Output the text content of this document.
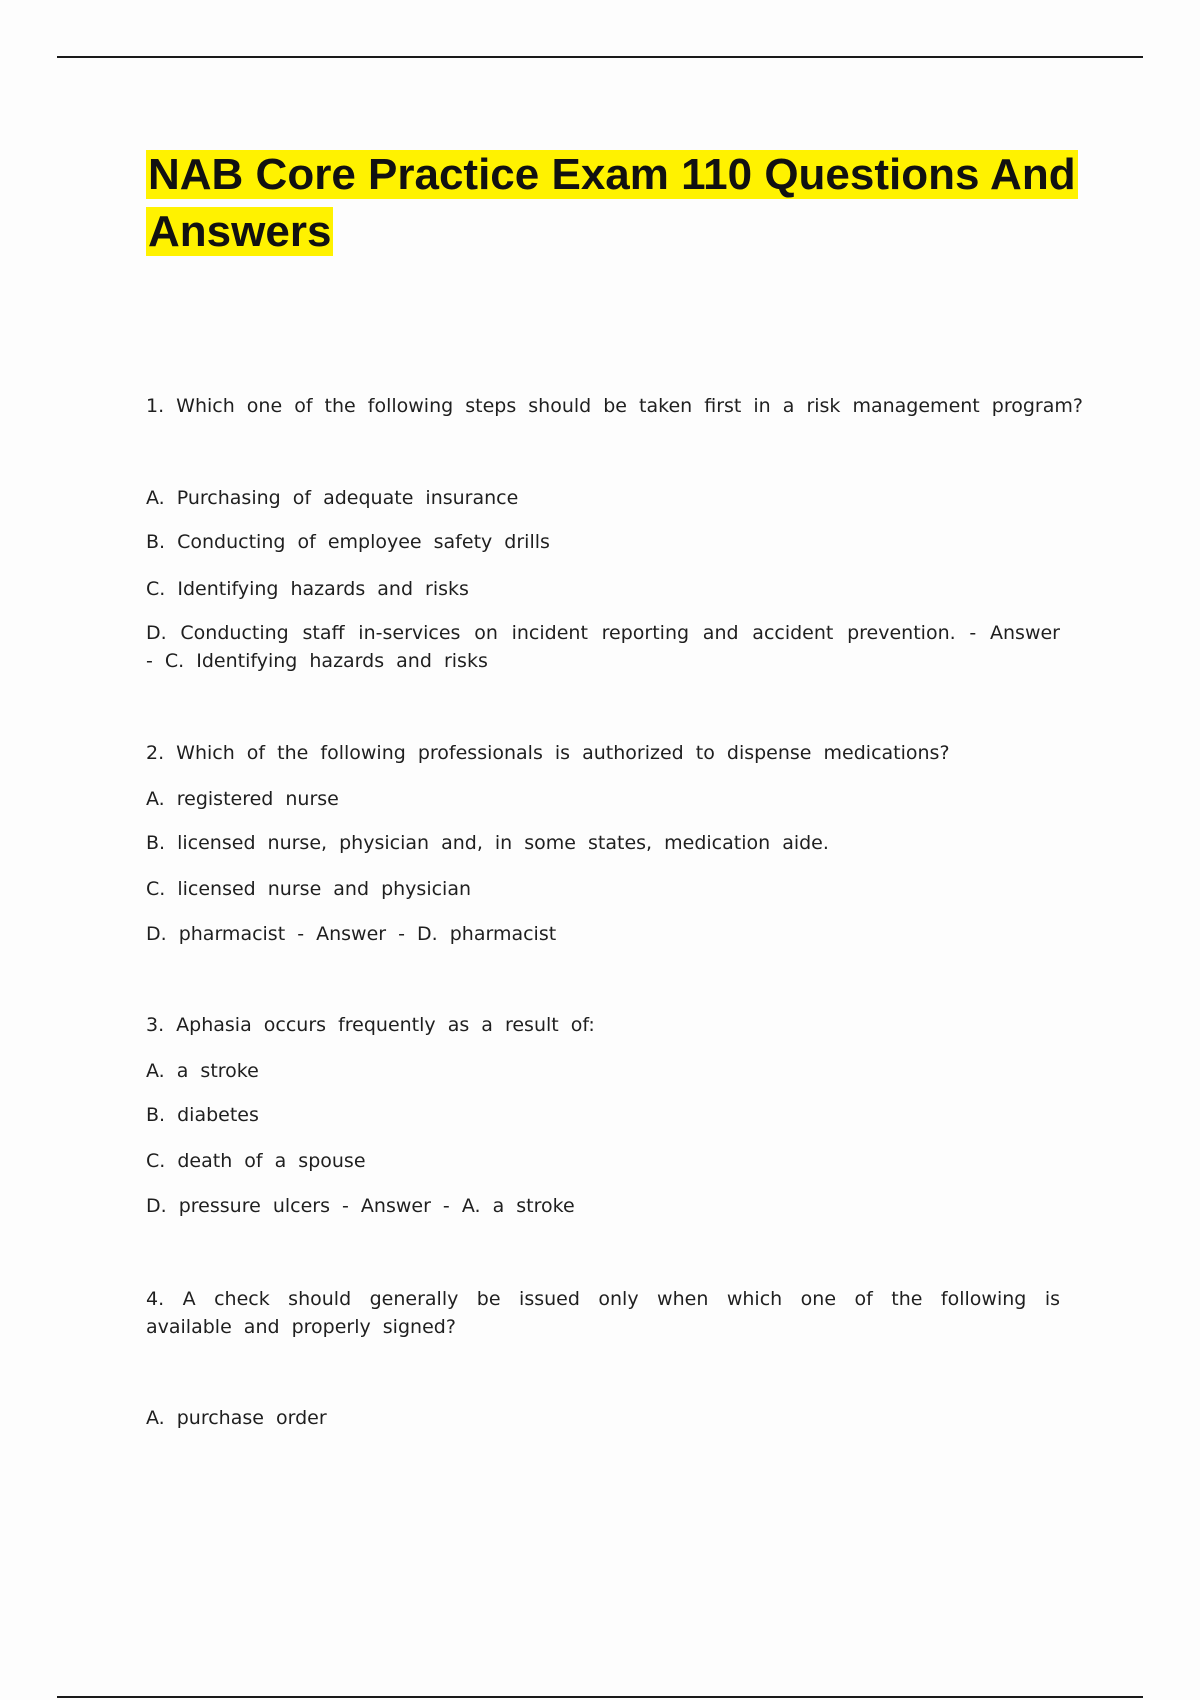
NAB Core Practice Exam 110 Questions And Answers

1. Which one of the following steps should be taken first in a risk management program?

A. Purchasing of adequate insurance

B. Conducting of employee safety drills

C. Identifying hazards and risks

D. Conducting staff in-services on incident reporting and accident prevention. - Answer - C. Identifying hazards and risks

2. Which of the following professionals is authorized to dispense medications?

A. registered nurse

B. licensed nurse, physician and, in some states, medication aide.

C. licensed nurse and physician

D. pharmacist - Answer - D. pharmacist

3. Aphasia occurs frequently as a result of:

A. a stroke

B. diabetes

C. death of a spouse

D. pressure ulcers - Answer - A. a stroke

4. A check should generally be issued only when which one of the following is available and properly signed?

A. purchase order
